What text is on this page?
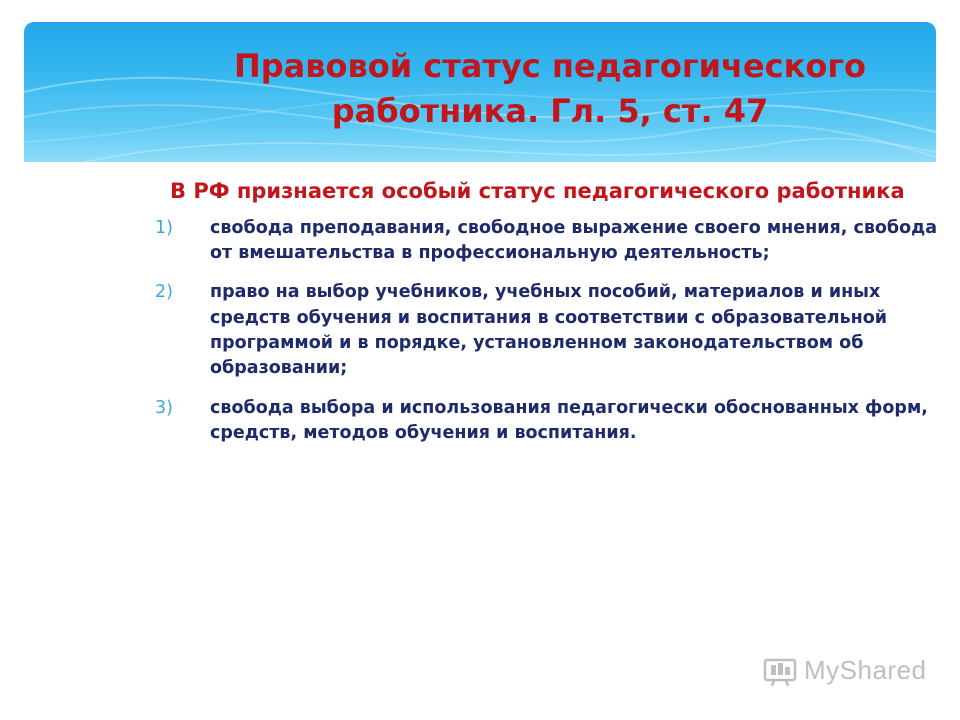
Правовой статус педагогического
работника. Гл. 5, ст. 47

В РФ признается особый статус педагогического работника

1) свобода преподавания, свободное выражение своего мнения, свобода от вмешательства в профессиональную деятельность;
2) право на выбор учебников, учебных пособий, материалов и иных средств обучения и воспитания в соответствии с образовательной программой и в порядке, установленном законодательством об образовании;
3) свобода выбора и использования педагогически обоснованных форм, средств, методов обучения и воспитания.
MyShared
